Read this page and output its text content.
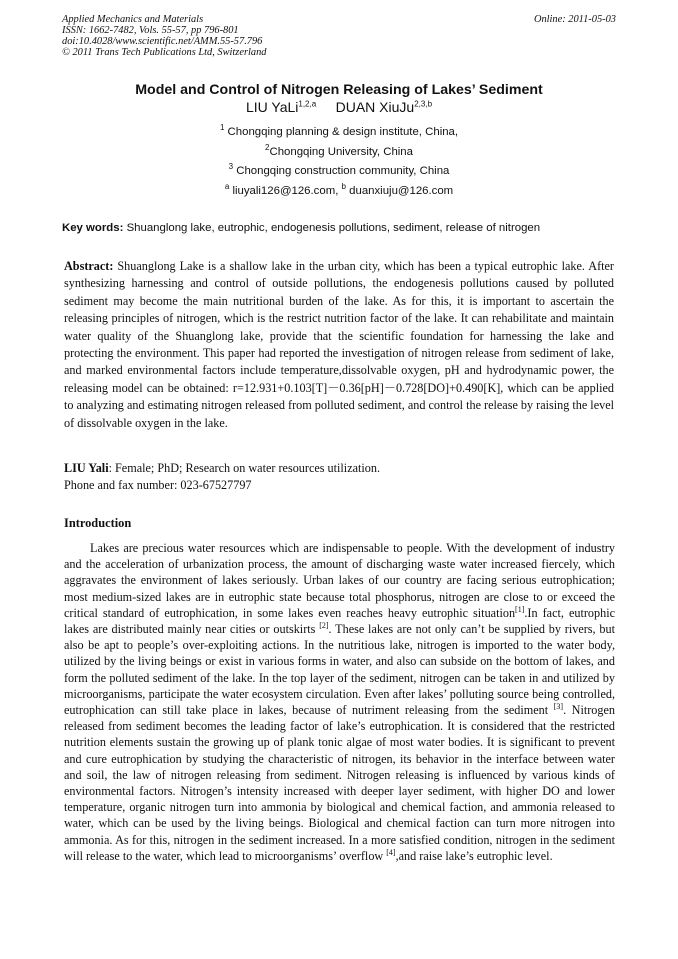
Applied Mechanics and Materials
ISSN: 1662-7482, Vols. 55-57, pp 796-801
doi:10.4028/www.scientific.net/AMM.55-57.796
© 2011 Trans Tech Publications Ltd, Switzerland
Online: 2011-05-03
Model and Control of Nitrogen Releasing of Lakes’ Sediment
LIU YaLi$^{1,2,a}$ DUAN XiuJu$^{2,3,b}$
$^1$ Chongqing planning & design institute, China,
$^2$Chongqing University, China
$^3$ Chongqing construction community, China
$^a$ liuyali126@126.com, $^b$ duanxiuju@126.com
Key words: Shuanglong lake, eutrophic, endogenesis pollutions, sediment, release of nitrogen
Abstract: Shuanglong Lake is a shallow lake in the urban city, which has been a typical eutrophic lake. After synthesizing harnessing and control of outside pollutions, the endogenesis pollutions caused by polluted sediment may become the main nutritional burden of the lake. As for this, it is important to ascertain the releasing principles of nitrogen, which is the restrict nutrition factor of the lake. It can rehabilitate and maintain water quality of the Shuanglong lake, provide that the scientific foundation for harnessing the lake and protecting the environment. This paper had reported the investigation of nitrogen release from sediment of lake, and marked environmental factors include temperature,dissolvable oxygen, pH and hydrodynamic power, the releasing model can be obtained: r=12.931+0.103[T]－0.36[pH]－0.728[DO]+0.490[K], which can be applied to analyzing and estimating nitrogen released from polluted sediment, and control the release by raising the level of dissolvable oxygen in the lake.
LIU Yali: Female; PhD; Research on water resources utilization.
Phone and fax number: 023-67527797
Introduction
Lakes are precious water resources which are indispensable to people. With the development of industry and the acceleration of urbanization process, the amount of discharging waste water increased fiercely, which aggravates the environment of lakes seriously. Urban lakes of our country are facing serious eutrophication; most medium-sized lakes are in eutrophic state because total phosphorus, nitrogen are close to or exceed the critical standard of eutrophication, in some lakes even reaches heavy eutrophic situation[1].In fact, eutrophic lakes are distributed mainly near cities or outskirts [2]. These lakes are not only can’t be supplied by rivers, but also be apt to people’s over-exploiting actions. In the nutritious lake, nitrogen is imported to the water body, utilized by the living beings or exist in various forms in water, and also can subside on the bottom of lakes, and form the polluted sediment of the lake. In the top layer of the sediment, nitrogen can be taken in and utilized by microorganisms, participate the water ecosystem circulation. Even after lakes’ polluting source being controlled, eutrophication can still take place in lakes, because of nutriment releasing from the sediment [3]. Nitrogen released from sediment becomes the leading factor of lake’s eutrophication. It is considered that the restricted nutrition elements sustain the growing up of plank tonic algae of most water bodies. It is significant to prevent and cure eutrophication by studying the characteristic of nitrogen, its behavior in the interface between water and soil, the law of nitrogen releasing from sediment. Nitrogen releasing is influenced by various kinds of environmental factors. Nitrogen’s intensity increased with deeper layer sediment, with higher DO and lower temperature, organic nitrogen turn into ammonia by biological and chemical faction, and ammonia released to water, which can be used by the living beings. Biological and chemical faction can turn more nitrogen into ammonia. As for this, nitrogen in the sediment increased. In a more satisfied condition, nitrogen in the sediment will release to the water, which lead to microorganisms’ overflow [4],and raise lake’s eutrophic level.
